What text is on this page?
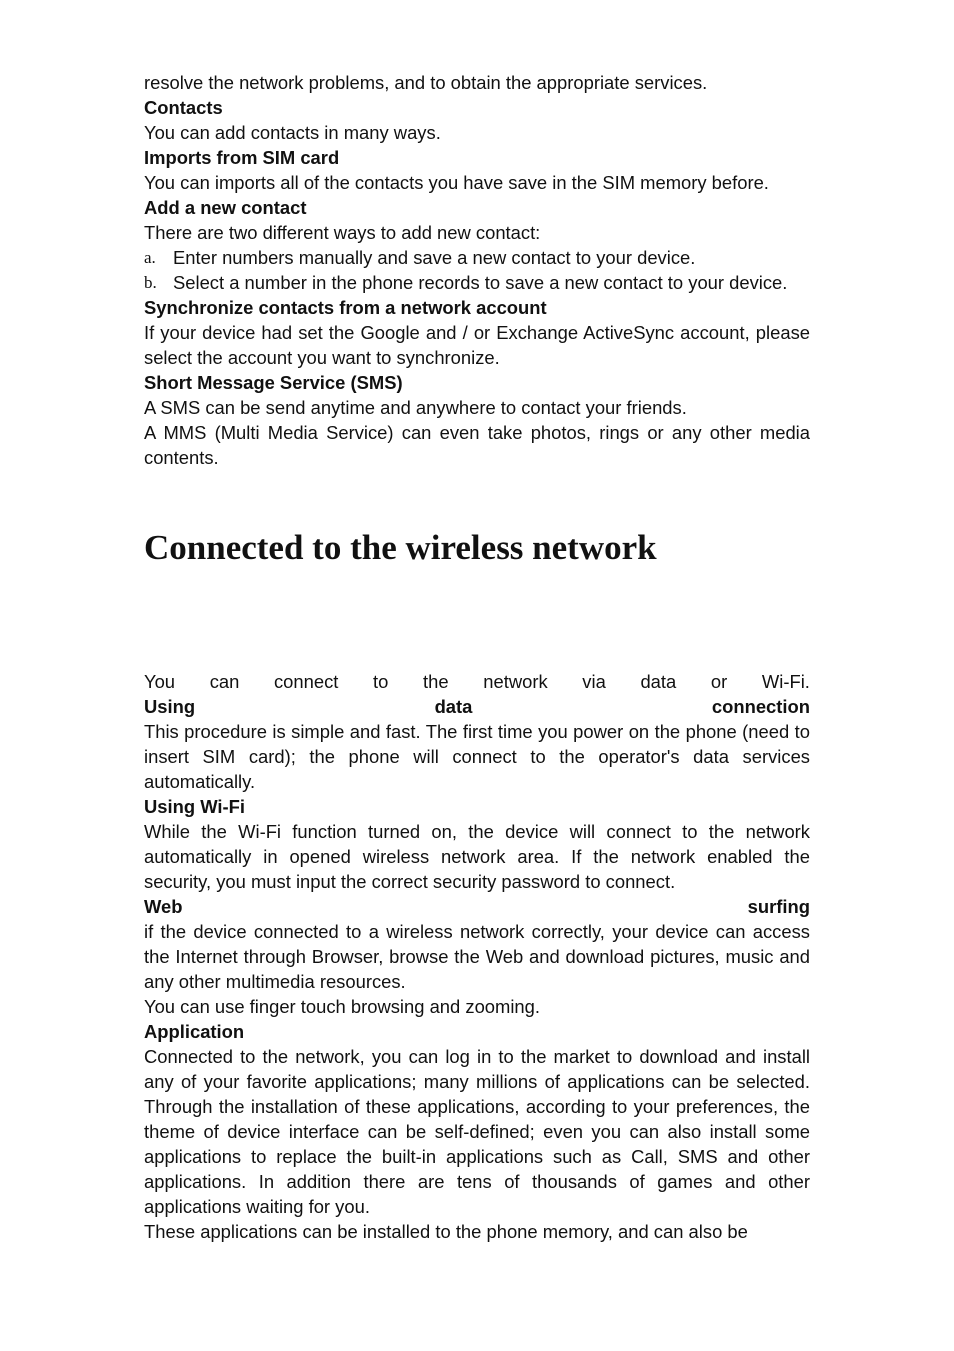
resolve the network problems, and to obtain the appropriate services.

Contacts

You can add contacts in many ways.

Imports from SIM card

You can imports all of the contacts you have save in the SIM memory before.

Add a new contact

There are two different ways to add new contact:

a. Enter numbers manually and save a new contact to your device.
b. Select a number in the phone records to save a new contact to your device.

Synchronize contacts from a network account

If your device had set the Google and / or Exchange ActiveSync account, please select the account you want to synchronize.

Short Message Service (SMS)

A SMS can be send anytime and anywhere to contact your friends.

A MMS (Multi Media Service) can even take photos, rings or any other media contents.

Connected to the wireless network
You can connect to the network via data or Wi-Fi.
Using	data	connection

This procedure is simple and fast. The first time you power on the phone (need to insert SIM card); the phone will connect to the operator's data services automatically.

Using Wi-Fi

While the Wi-Fi function turned on, the device will connect to the network automatically in opened wireless network area. If the network enabled the security, you must input the correct security password to connect.

Web	surfing

if the device connected to a wireless network correctly, your device can access the Internet through Browser, browse the Web and download pictures, music and any other multimedia resources.

You can use finger touch browsing and zooming.

Application

Connected to the network, you can log in to the market to download and install any of your favorite applications; many millions of applications can be selected. Through the installation of these applications, according to your preferences, the theme of device interface can be self-defined; even you can also install some applications to replace the built-in applications such as Call, SMS and other applications. In addition there are tens of thousands of games and other applications waiting for you.

These applications can be installed to the phone memory, and can also be
